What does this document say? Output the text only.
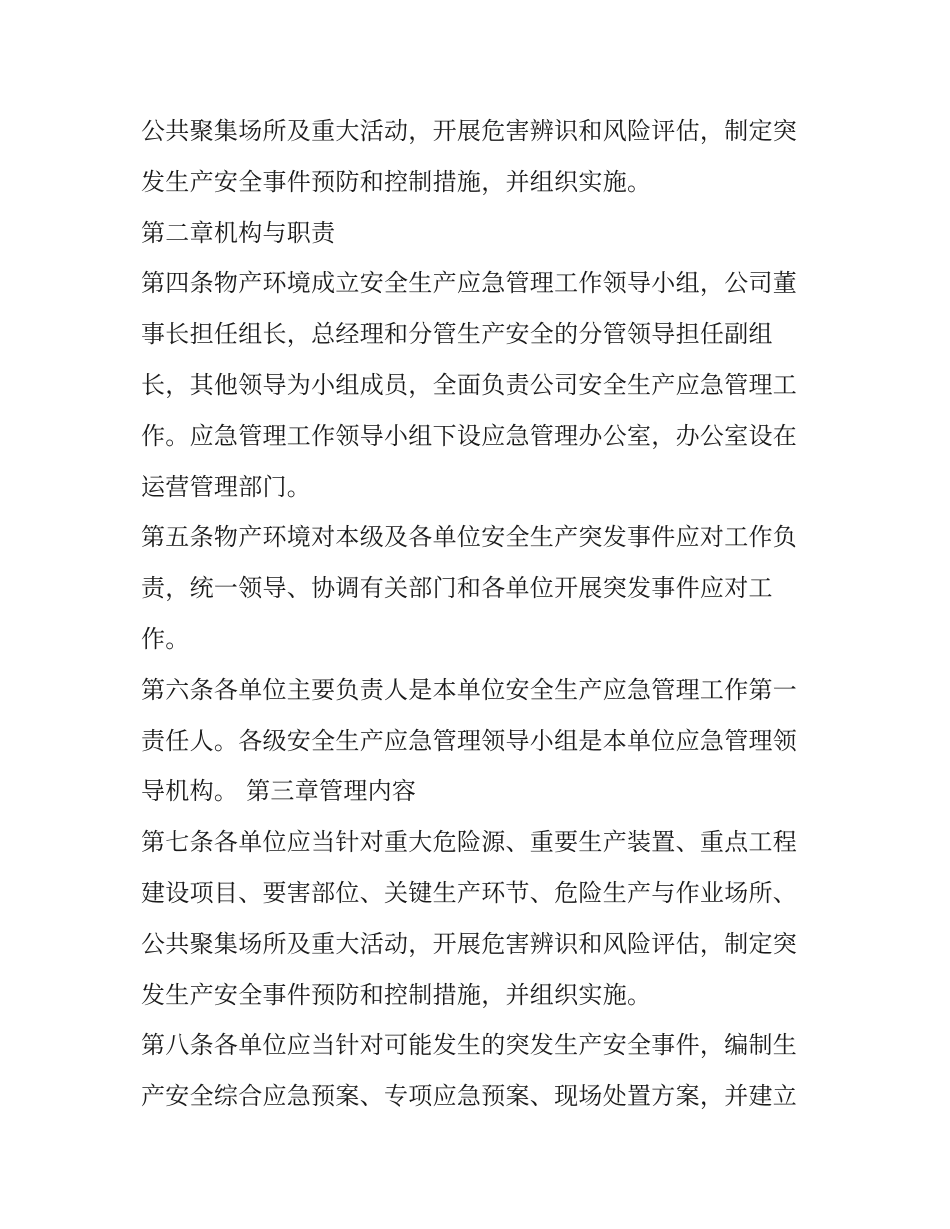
公共聚集场所及重大活动，开展危害辨识和风险评估，制定突
发生产安全事件预防和控制措施，并组织实施。
第二章机构与职责
第四条物产环境成立安全生产应急管理工作领导小组，公司董
事长担任组长，总经理和分管生产安全的分管领导担任副组
长，其他领导为小组成员，全面负责公司安全生产应急管理工
作。应急管理工作领导小组下设应急管理办公室，办公室设在
运营管理部门。
第五条物产环境对本级及各单位安全生产突发事件应对工作负
责，统一领导、协调有关部门和各单位开展突发事件应对工
作。
第六条各单位主要负责人是本单位安全生产应急管理工作第一
责任人。各级安全生产应急管理领导小组是本单位应急管理领
导机构。 第三章管理内容
第七条各单位应当针对重大危险源、重要生产装置、重点工程
建设项目、要害部位、关键生产环节、危险生产与作业场所、
公共聚集场所及重大活动，开展危害辨识和风险评估，制定突
发生产安全事件预防和控制措施，并组织实施。
第八条各单位应当针对可能发生的突发生产安全事件，编制生
产安全综合应急预案、专项应急预案、现场处置方案，并建立
